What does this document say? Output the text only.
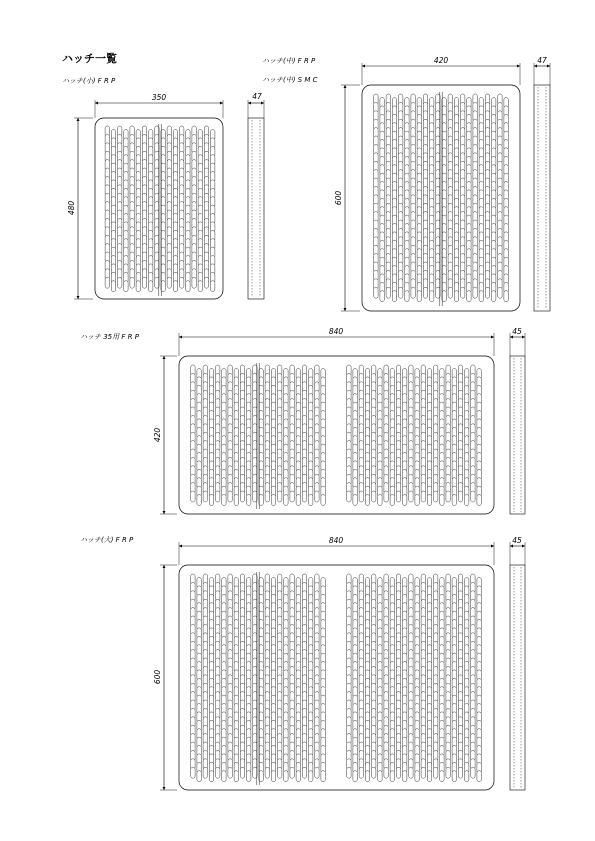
ハッチ一覧
ハッチ(小) F R P
350
480
47
ハッチ(中) F R P
ハッチ(中) S M C
420
600
47
ハッチ 35用 F R P
840
420
45
ハッチ(大) F R P	840
600
45
